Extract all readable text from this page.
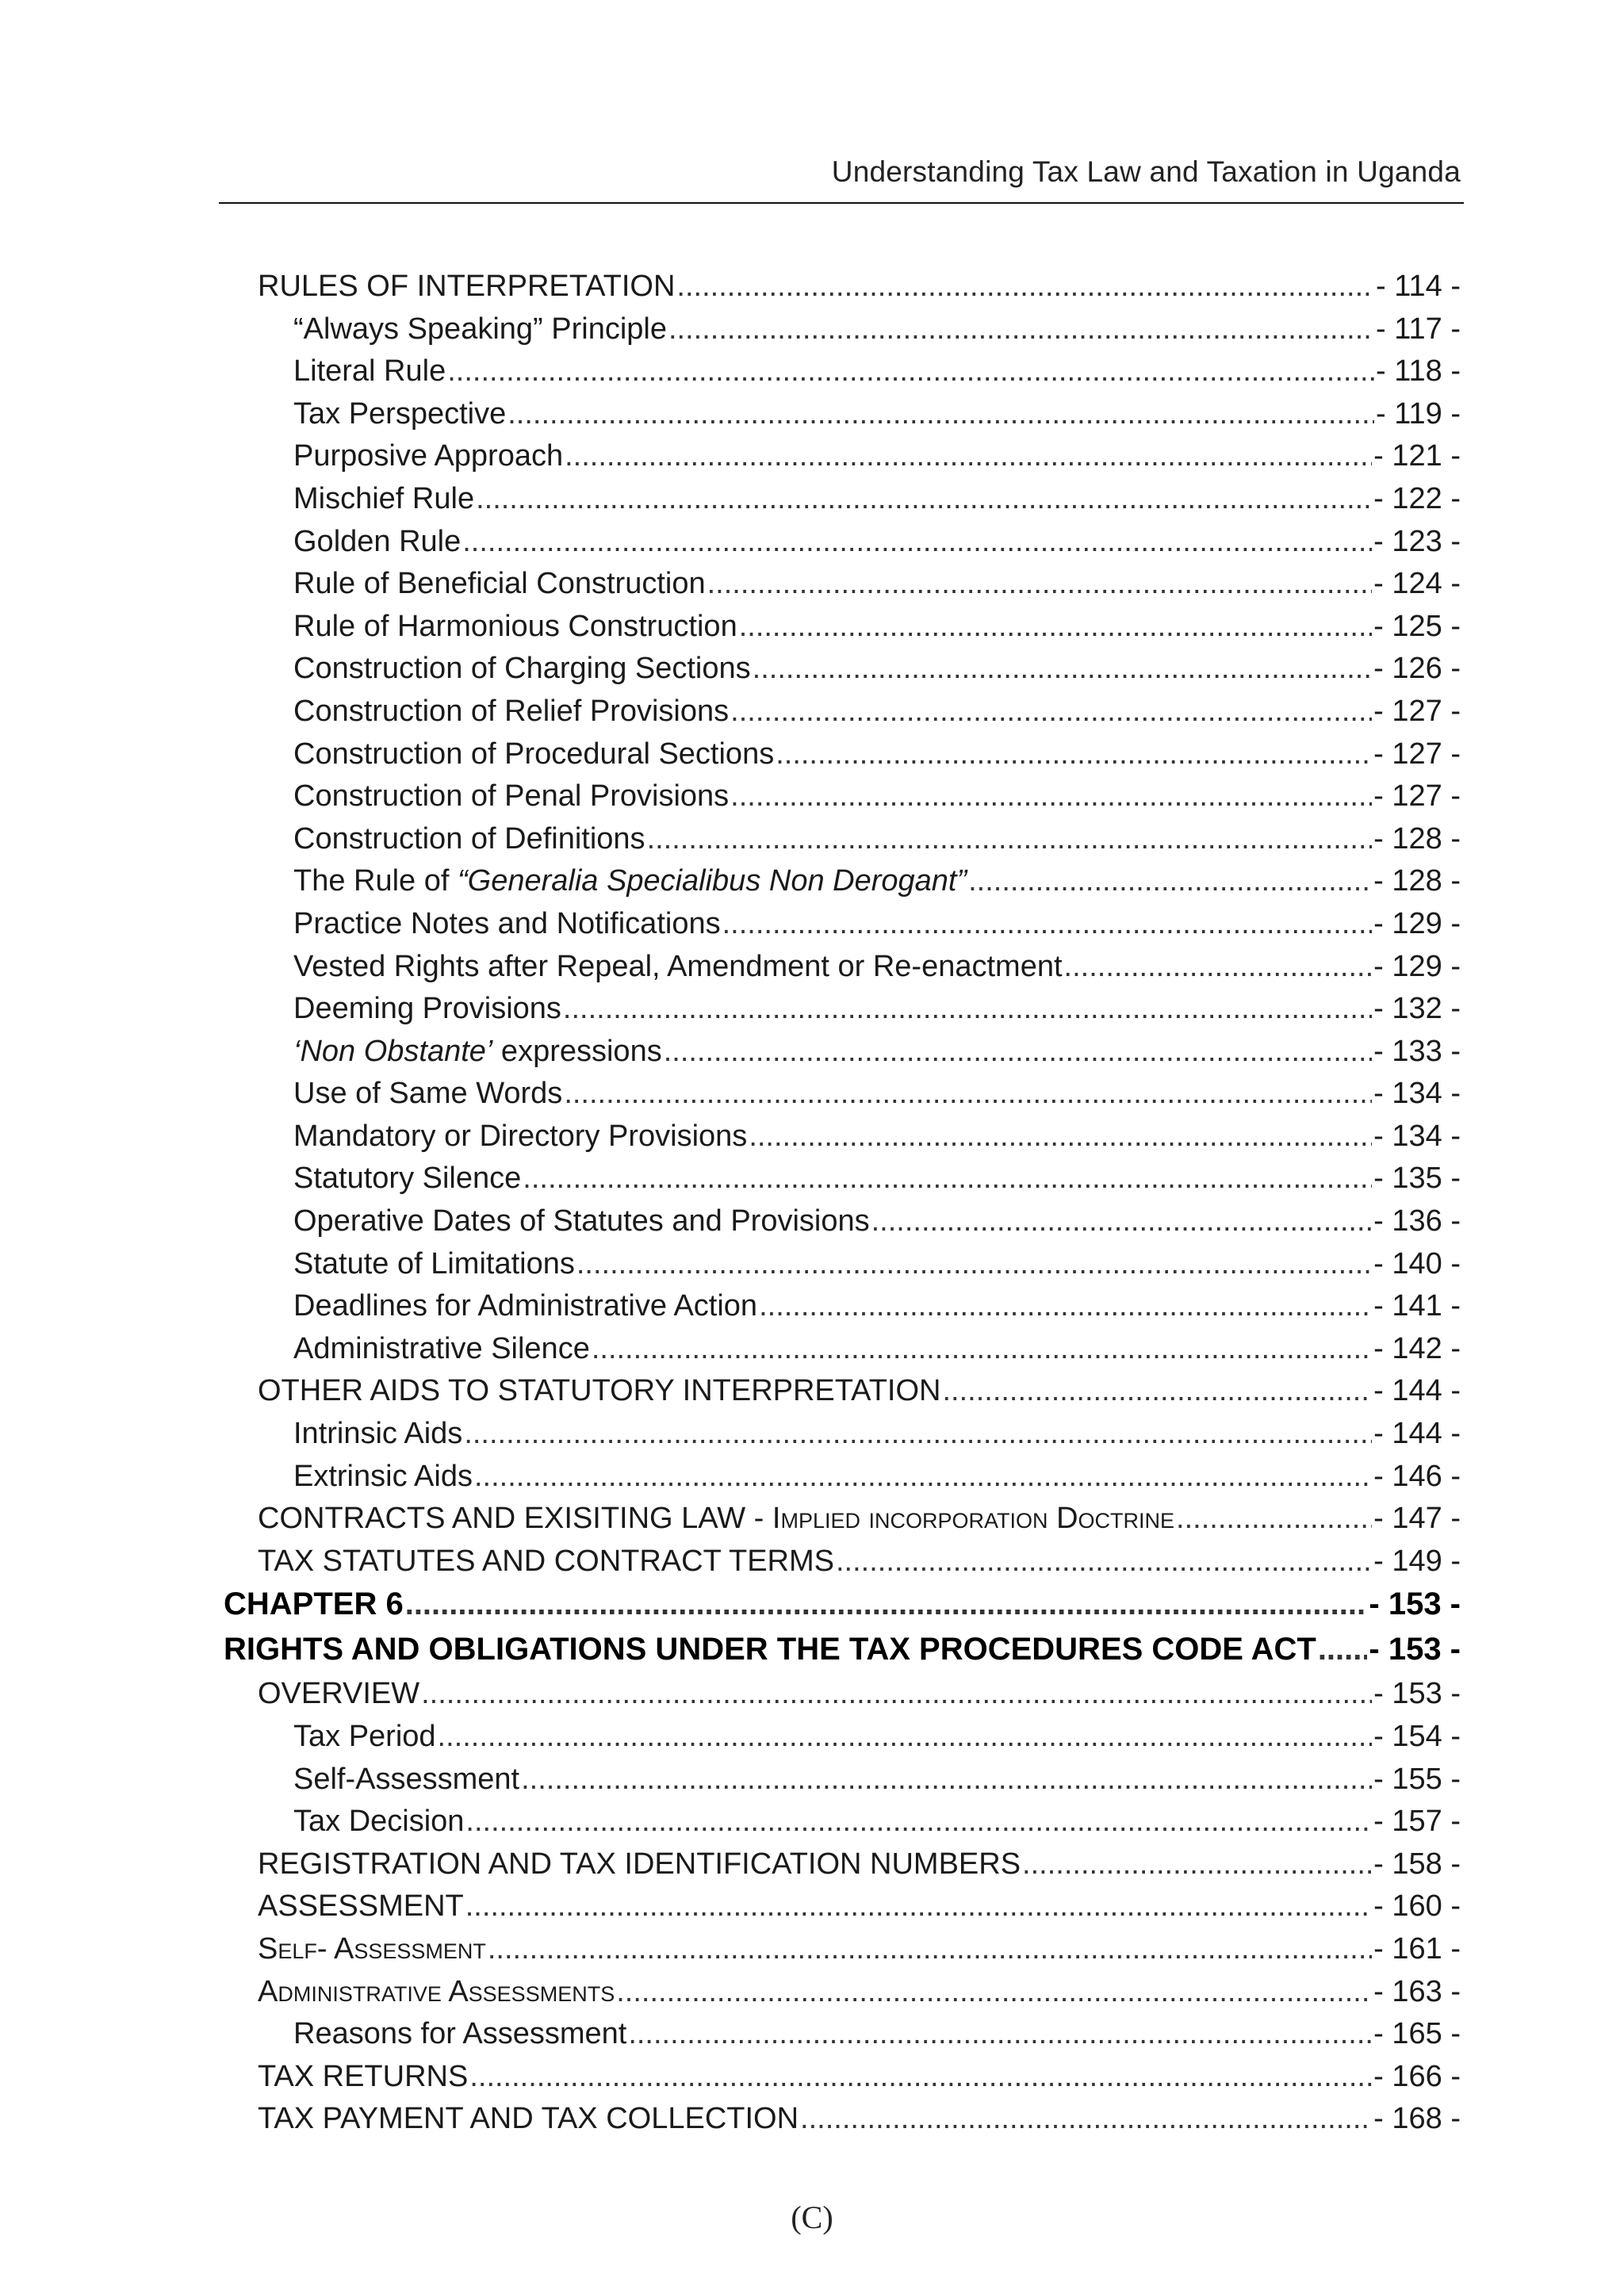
Understanding Tax Law and Taxation in Uganda
RULES OF INTERPRETATION .....	- 114 -
“Always Speaking” Principle .....	- 117 -
Literal Rule .....	- 118 -
Tax Perspective .....	- 119 -
Purposive Approach .....	- 121 -
Mischief Rule .....	- 122 -
Golden Rule .....	- 123 -
Rule of Beneficial Construction .....	- 124 -
Rule of Harmonious Construction .....	- 125 -
Construction of Charging Sections .....	- 126 -
Construction of Relief Provisions .....	- 127 -
Construction of Procedural Sections .....	- 127 -
Construction of Penal Provisions .....	- 127 -
Construction of Definitions .....	- 128 -
The Rule of “Generalia Specialibus Non Derogant” .....	- 128 -
Practice Notes and Notifications .....	- 129 -
Vested Rights after Repeal, Amendment or Re-enactment .....	- 129 -
Deeming Provisions .....	- 132 -
‘Non Obstante’ expressions .....	- 133 -
Use of Same Words .....	- 134 -
Mandatory or Directory Provisions .....	- 134 -
Statutory Silence .....	- 135 -
Operative Dates of Statutes and Provisions .....	- 136 -
Statute of Limitations .....	- 140 -
Deadlines for Administrative Action .....	- 141 -
Administrative Silence .....	- 142 -
OTHER AIDS TO STATUTORY INTERPRETATION .....	- 144 -
Intrinsic Aids .....	- 144 -
Extrinsic Aids .....	- 146 -
CONTRACTS AND EXISITING LAW - Implied incorporation Doctrine .....	- 147 -
TAX STATUTES AND CONTRACT TERMS .....	- 149 -
CHAPTER 6 .....	- 153 -
RIGHTS AND OBLIGATIONS UNDER THE TAX PROCEDURES CODE ACT ..... - 153 -
OVERVIEW .....	- 153 -
Tax Period .....	- 154 -
Self-Assessment .....	- 155 -
Tax Decision .....	- 157 -
REGISTRATION AND TAX IDENTIFICATION NUMBERS .....	- 158 -
ASSESSMENT .....	- 160 -
Self- Assessment .....	- 161 -
Administrative Assessments .....	- 163 -
Reasons for Assessment .....	- 165 -
TAX RETURNS .....	- 166 -
TAX PAYMENT AND TAX COLLECTION .....	- 168 -
(C)
